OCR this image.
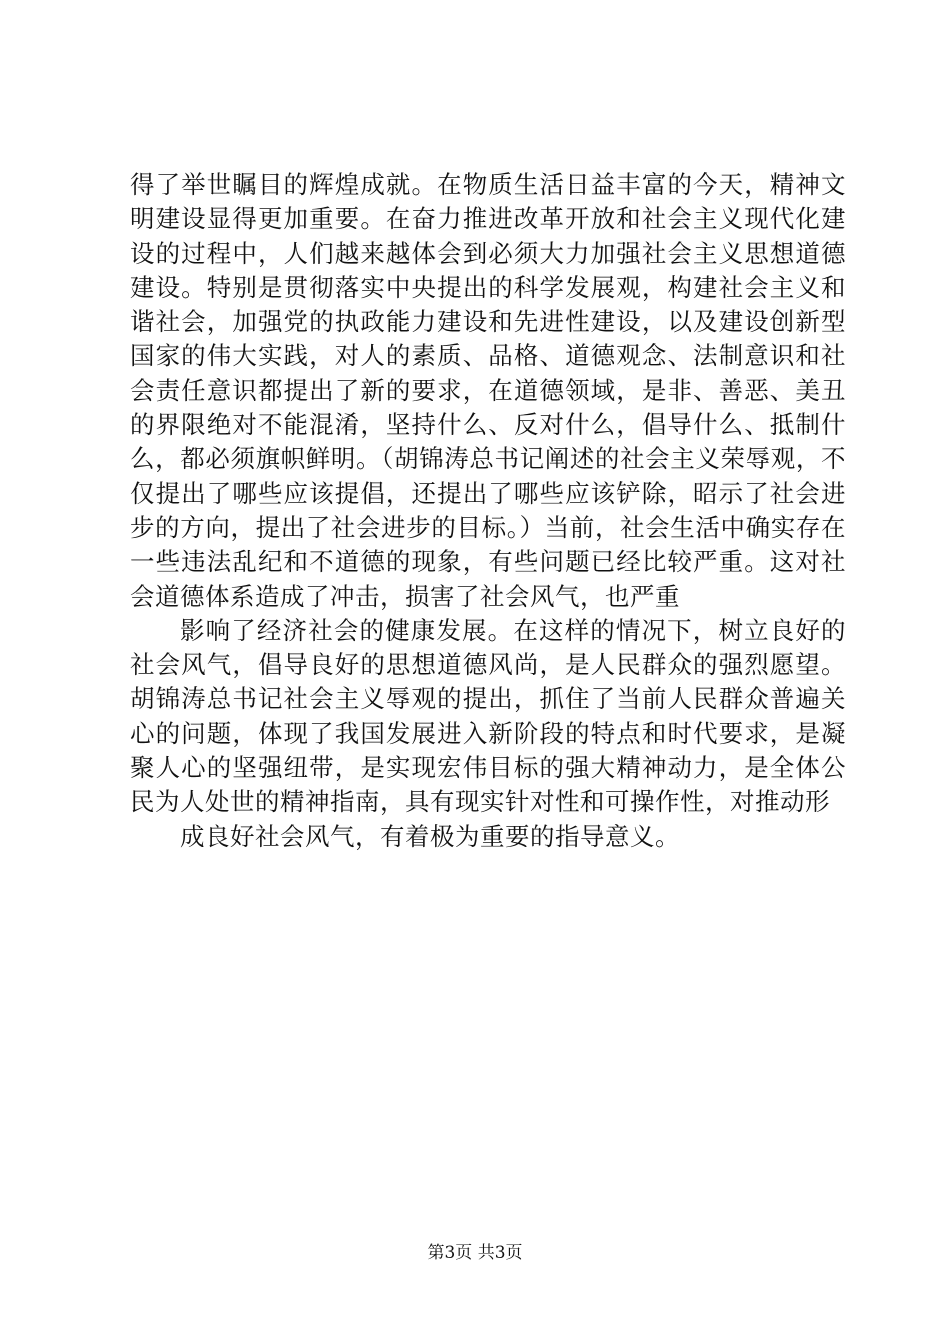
得了举世瞩目的辉煌成就。在物质生活日益丰富的今天，精神文明建设显得更加重要。在奋力推进改革开放和社会主义现代化建设的过程中，人们越来越体会到必须大力加强社会主义思想道德建设。特别是贯彻落实中央提出的科学发展观，构建社会主义和谐社会，加强党的执政能力建设和先进性建设，以及建设创新型国家的伟大实践，对人的素质、品格、道德观念、法制意识和社会责任意识都提出了新的要求，在道德领域，是非、善恶、美丑的界限绝对不能混淆，坚持什么、反对什么，倡导什么、抵制什么，都必须旗帜鲜明。（胡锦涛总书记阐述的社会主义荣辱观，不仅提出了哪些应该提倡，还提出了哪些应该铲除，昭示了社会进步的方向，提出了社会进步的目标。）当前，社会生活中确实存在一些违法乱纪和不道德的现象，有些问题已经比较严重。这对社会道德体系造成了冲击，损害了社会风气，也严重

影响了经济社会的健康发展。在这样的情况下，树立良好的社会风气，倡导良好的思想道德风尚，是人民群众的强烈愿望。胡锦涛总书记社会主义辱观的提出，抓住了当前人民群众普遍关心的问题，体现了我国发展进入新阶段的特点和时代要求，是凝聚人心的坚强纽带，是实现宏伟目标的强大精神动力，是全体公民为人处世的精神指南，具有现实针对性和可操作性，对推动形

成良好社会风气，有着极为重要的指导意义。

第3页 共3页
